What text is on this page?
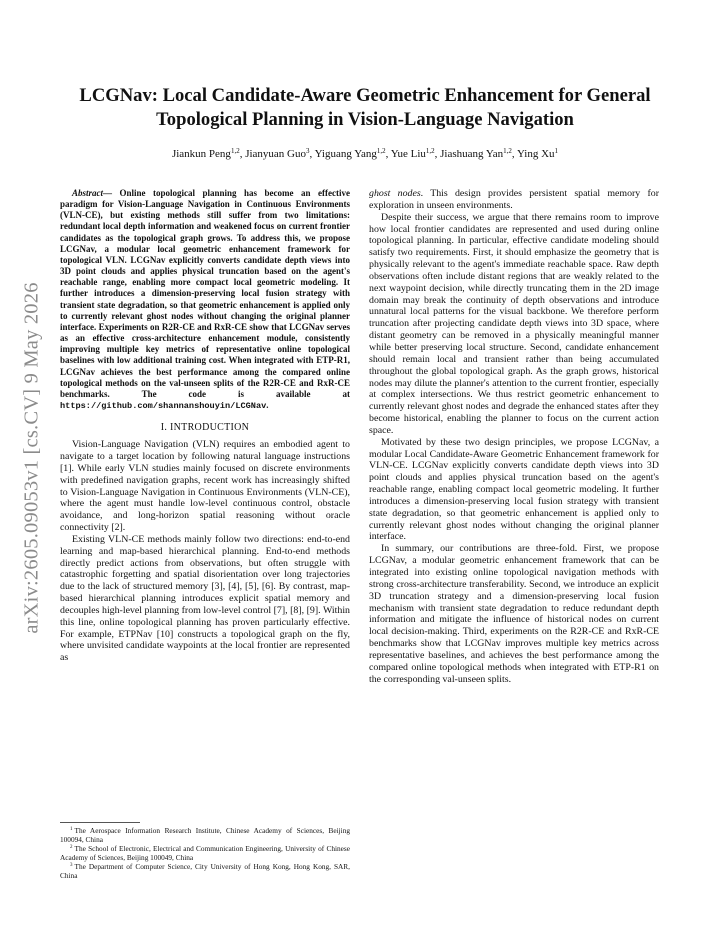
arXiv:2605.09053v1 [cs.CV] 9 May 2026
LCGNav: Local Candidate-Aware Geometric Enhancement for General Topological Planning in Vision-Language Navigation
Jiankun Peng$^{1,2}$, Jianyuan Guo$^3$, Yiguang Yang$^{1,2}$, Yue Liu$^{1,2}$, Jiashuang Yan$^{1,2}$, Ying Xu$^1$

Abstract— Online topological planning has become an effective paradigm for Vision-Language Navigation in Continuous Environments (VLN-CE), but existing methods still suffer from two limitations: redundant local depth information and weakened focus on current frontier candidates as the topological graph grows. To address this, we propose LCGNav, a modular local geometric enhancement framework for topological VLN. LCGNav explicitly converts candidate depth views into 3D point clouds and applies physical truncation based on the agent's reachable range, enabling more compact local geometric modeling. It further introduces a dimension-preserving local fusion strategy with transient state degradation, so that geometric enhancement is applied only to currently relevant ghost nodes without changing the original planner interface. Experiments on R2R-CE and RxR-CE show that LCGNav serves as an effective cross-architecture enhancement module, consistently improving multiple key metrics of representative online topological baselines with low additional training cost. When integrated with ETP-R1, LCGNav achieves the best performance among the compared online topological methods on the val-unseen splits of the R2R-CE and RxR-CE benchmarks. The code is available at https://github.com/shannanshouyin/LCGNav.

I. INTRODUCTION

Vision-Language Navigation (VLN) requires an embodied agent to navigate to a target location by following natural language instructions [1]. While early VLN studies mainly focused on discrete environments with predefined navigation graphs, recent work has increasingly shifted to Vision-Language Navigation in Continuous Environments (VLN-CE), where the agent must handle low-level continuous control, obstacle avoidance, and long-horizon spatial reasoning without oracle connectivity [2].

Existing VLN-CE methods mainly follow two directions: end-to-end learning and map-based hierarchical planning. End-to-end methods directly predict actions from observations, but often struggle with catastrophic forgetting and spatial disorientation over long trajectories due to the lack of structured memory [3], [4], [5], [6]. By contrast, map-based hierarchical planning introduces explicit spatial memory and decouples high-level planning from low-level control [7], [8], [9]. Within this line, online topological planning has proven particularly effective. For example, ETPNav [10] constructs a topological graph on the fly, where unvisited candidate waypoints at the local frontier are represented as

$^1$ The Aerospace Information Research Institute, Chinese Academy of Sciences, Beijing 100094, China

$^2$ The School of Electronic, Electrical and Communication Engineering, University of Chinese Academy of Sciences, Beijing 100049, China

$^3$ The Department of Computer Science, City University of Hong Kong, Hong Kong, SAR, China

ghost nodes. This design provides persistent spatial memory for exploration in unseen environments.

Despite their success, we argue that there remains room to improve how local frontier candidates are represented and used during online topological planning. In particular, effective candidate modeling should satisfy two requirements. First, it should emphasize the geometry that is physically relevant to the agent's immediate reachable space. Raw depth observations often include distant regions that are weakly related to the next waypoint decision, while directly truncating them in the 2D image domain may break the continuity of depth observations and introduce unnatural local patterns for the visual backbone. We therefore perform truncation after projecting candidate depth views into 3D space, where distant geometry can be removed in a physically meaningful manner while better preserving local structure. Second, candidate enhancement should remain local and transient rather than being accumulated throughout the global topological graph. As the graph grows, historical nodes may dilute the planner's attention to the current frontier, especially at complex intersections. We thus restrict geometric enhancement to currently relevant ghost nodes and degrade the enhanced states after they become historical, enabling the planner to focus on the current action space.

Motivated by these two design principles, we propose LCGNav, a modular Local Candidate-Aware Geometric Enhancement framework for VLN-CE. LCGNav explicitly converts candidate depth views into 3D point clouds and applies physical truncation based on the agent's reachable range, enabling compact local geometric modeling. It further introduces a dimension-preserving local fusion strategy with transient state degradation, so that geometric enhancement is applied only to currently relevant ghost nodes without changing the original planner interface.

In summary, our contributions are three-fold. First, we propose LCGNav, a modular geometric enhancement framework that can be integrated into existing online topological navigation methods with strong cross-architecture transferability. Second, we introduce an explicit 3D truncation strategy and a dimension-preserving local fusion mechanism with transient state degradation to reduce redundant depth information and mitigate the influence of historical nodes on current local decision-making. Third, experiments on the R2R-CE and RxR-CE benchmarks show that LCGNav improves multiple key metrics across representative baselines, and achieves the best performance among the compared online topological methods when integrated with ETP-R1 on the corresponding val-unseen splits.
